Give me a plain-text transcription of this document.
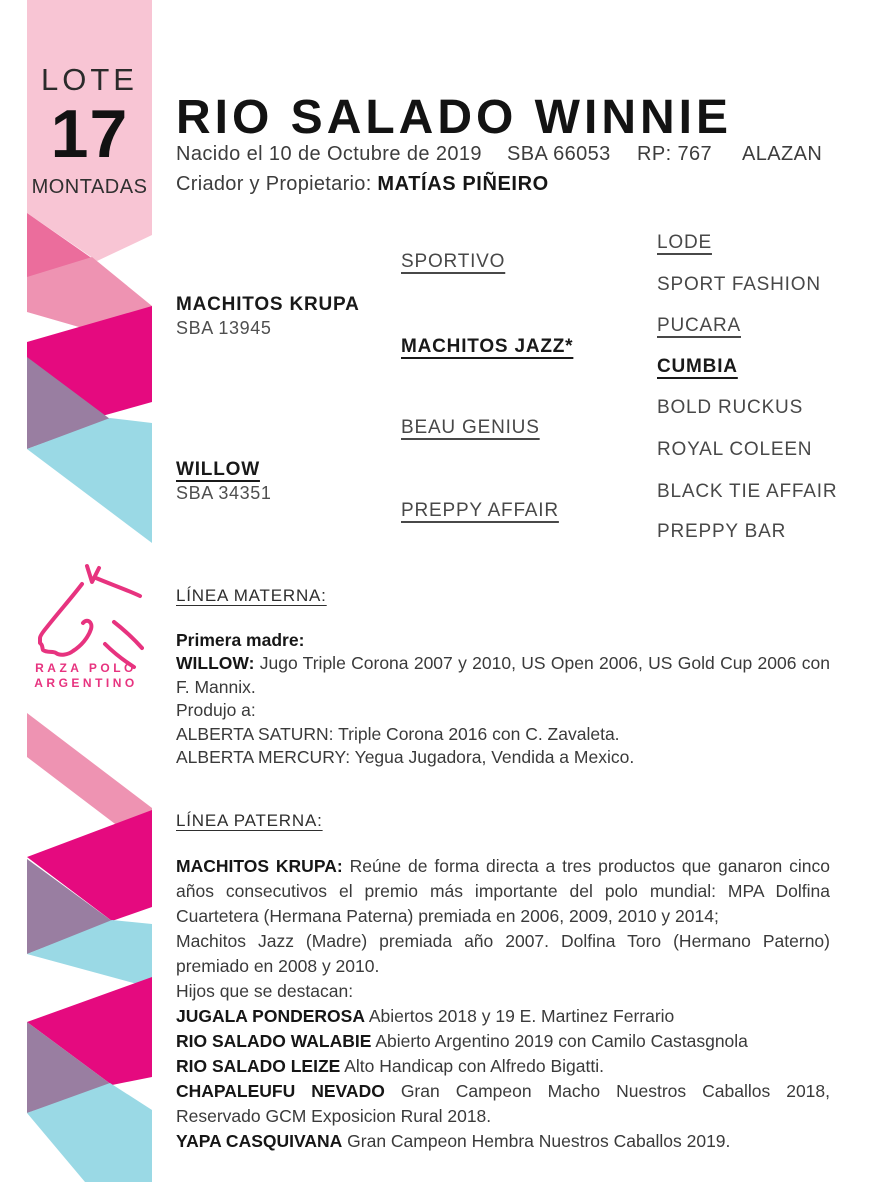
LOTE
17
MONTADAS
RIO SALADO WINNIE
Nacido el 10 de Octubre de 2019 SBA 66053 RP: 767 ALAZAN
Criador y Propietario: MATÍAS PIÑEIRO
MACHITOS KRUPA
SBA 13945
WILLOW
SBA 34351
SPORTIVO
MACHITOS JAZZ*
BEAU GENIUS
PREPPY AFFAIR
LODE
SPORT FASHION
PUCARA
CUMBIA
BOLD RUCKUS
ROYAL COLEEN
BLACK TIE AFFAIR
PREPPY BAR
RAZA POLO
ARGENTINO
LÍNEA MATERNA:

Primera madre:

WILLOW: Jugo Triple Corona 2007 y 2010, US Open 2006, US Gold Cup 2006 con F. Mannix.

Produjo a:

ALBERTA SATURN: Triple Corona 2016 con C. Zavaleta.

ALBERTA MERCURY: Yegua Jugadora, Vendida a Mexico.

LÍNEA PATERNA:

MACHITOS KRUPA: Reúne de forma directa a tres productos que ganaron cinco años consecutivos el premio más importante del polo mundial: MPA Dolfina Cuartetera (Hermana Paterna) premiada en 2006, 2009, 2010 y 2014;

Machitos Jazz (Madre) premiada año 2007. Dolfina Toro (Hermano Paterno) premiado en 2008 y 2010.

Hijos que se destacan:

JUGALA PONDEROSA Abiertos 2018 y 19 E. Martinez Ferrario

RIO SALADO WALABIE Abierto Argentino 2019 con Camilo Castasgnola

RIO SALADO LEIZE Alto Handicap con Alfredo Bigatti.

CHAPALEUFU NEVADO Gran Campeon Macho Nuestros Caballos 2018, Reservado GCM Exposicion Rural 2018.

YAPA CASQUIVANA Gran Campeon Hembra Nuestros Caballos 2019.
